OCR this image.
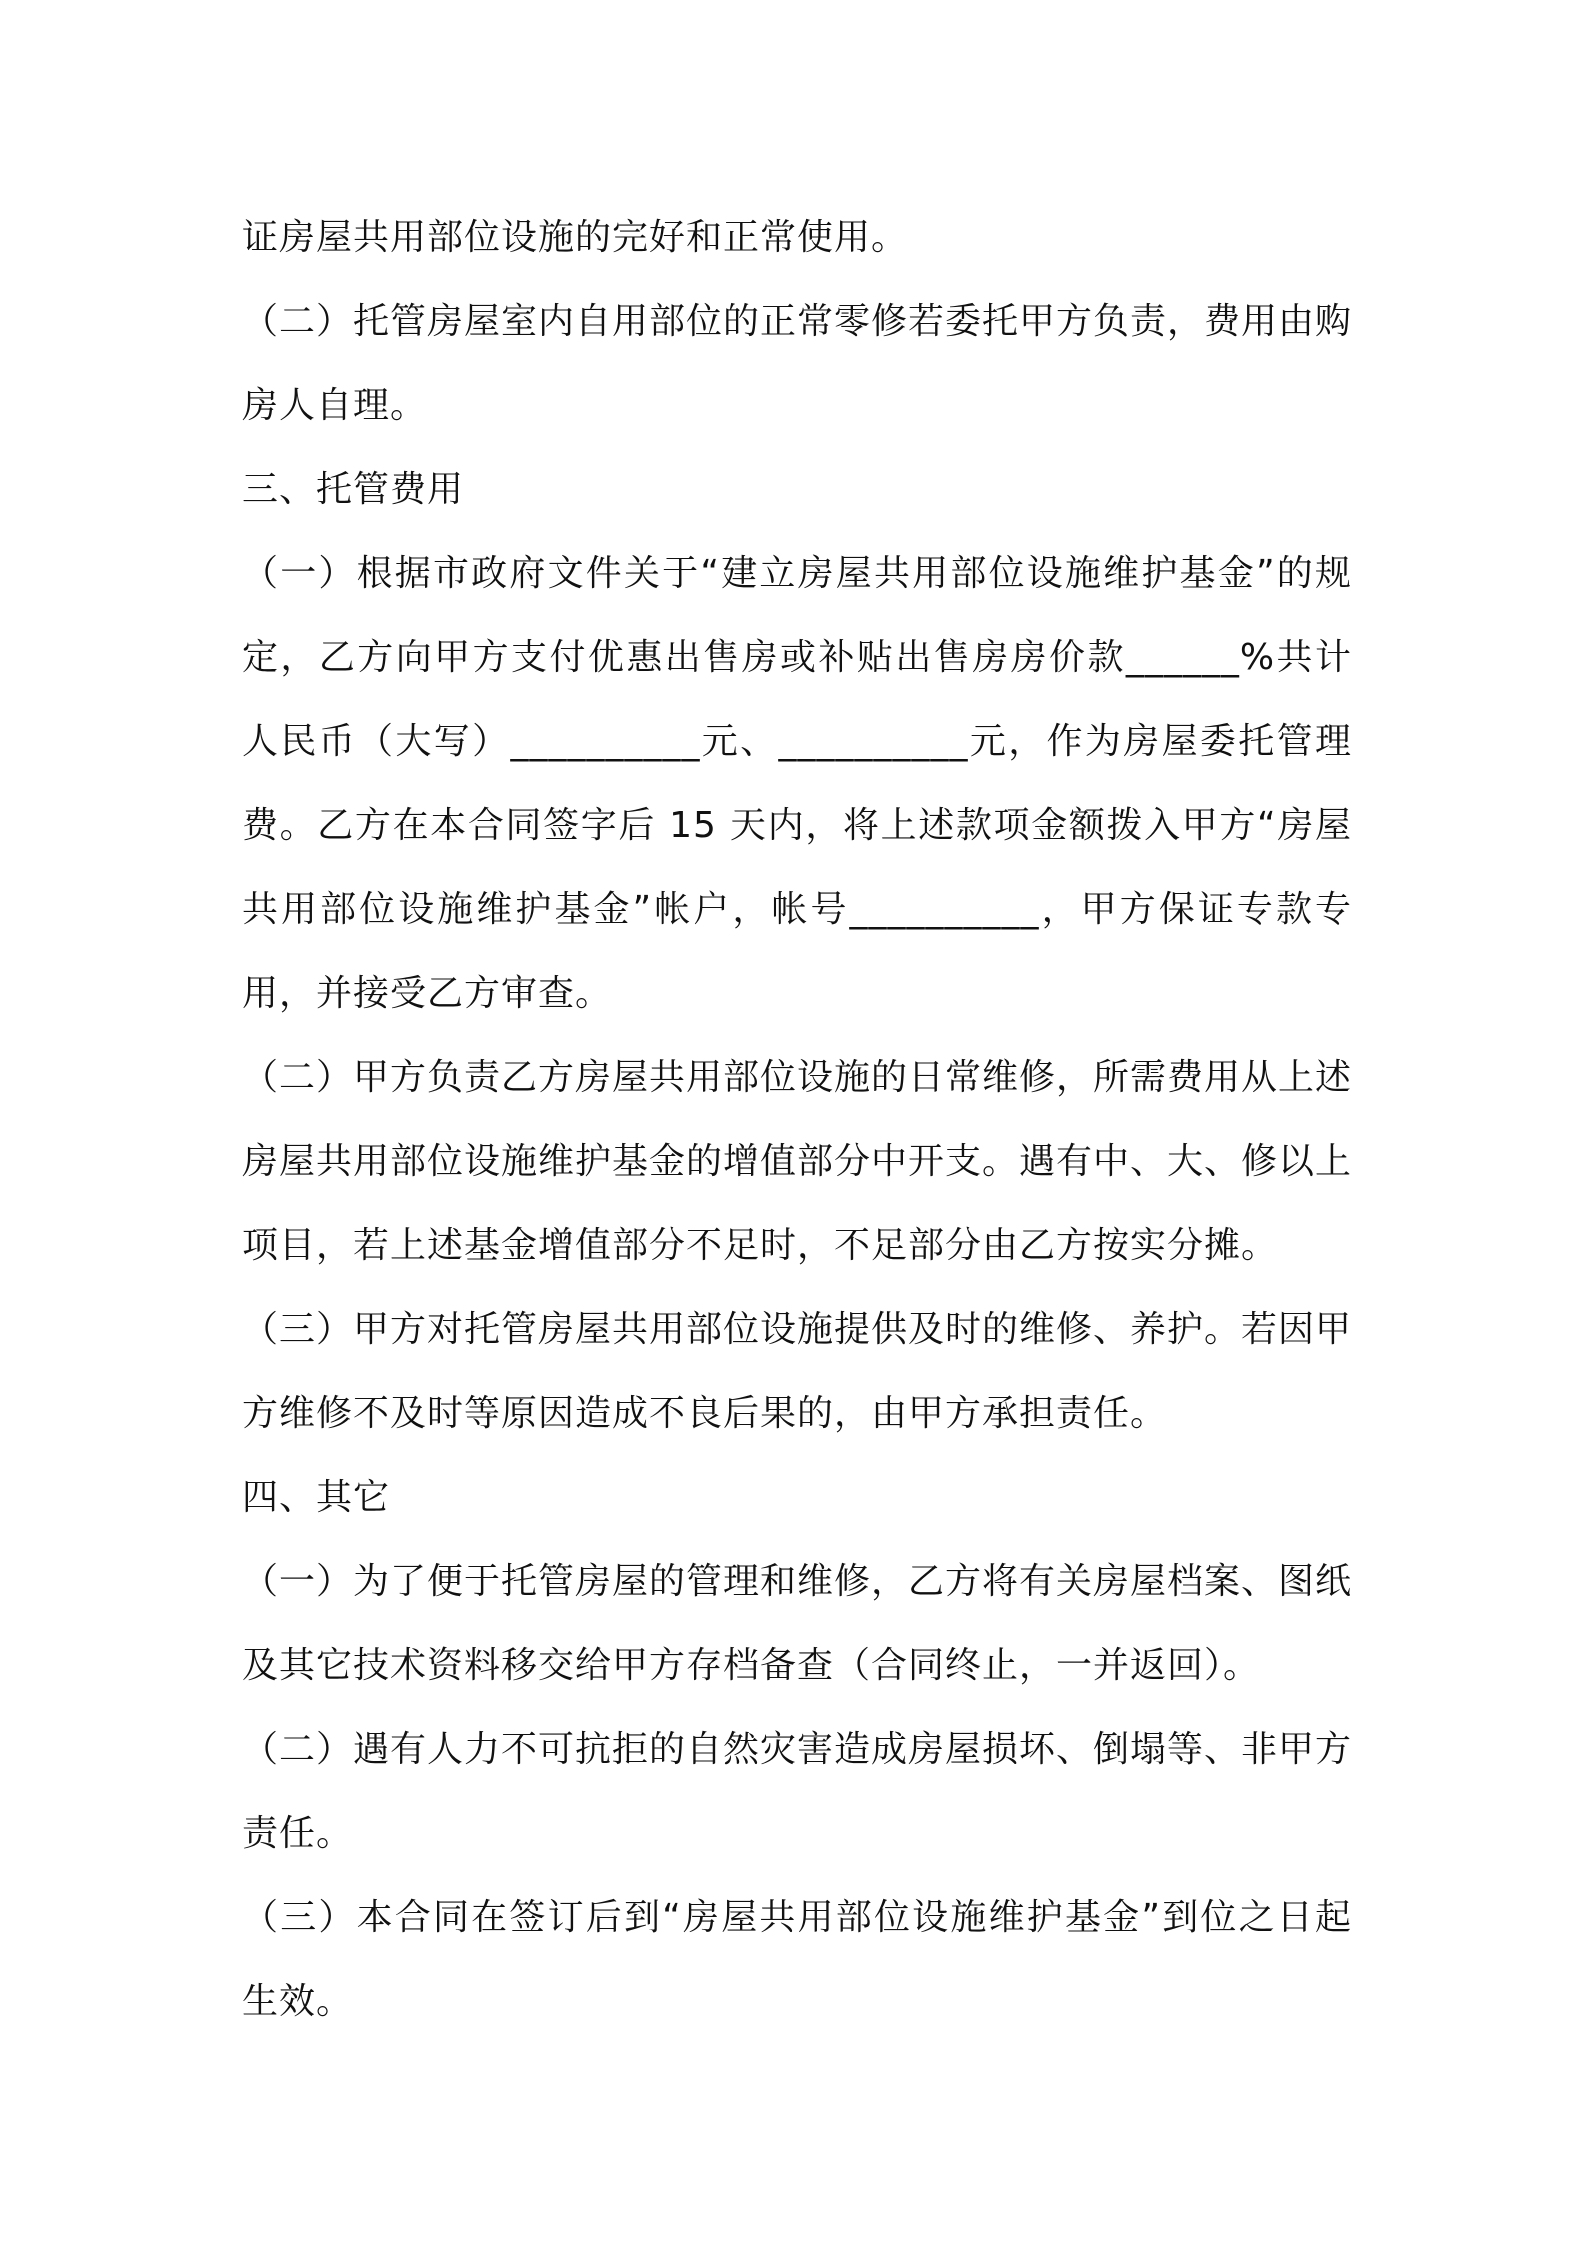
证房屋共用部位设施的完好和正常使用。

（二）托管房屋室内自用部位的正常零修若委托甲方负责，费用由购房人自理。

三、托管费用

（一）根据市政府文件关于“建立房屋共用部位设施维护基金”的规定，乙方向甲方支付优惠出售房或补贴出售房房价款______%共计人民币（大写）__________元、__________元，作为房屋委托管理费。乙方在本合同签字后 15 天内，将上述款项金额拨入甲方“房屋共用部位设施维护基金”帐户，帐号__________，甲方保证专款专用，并接受乙方审查。

（二）甲方负责乙方房屋共用部位设施的日常维修，所需费用从上述房屋共用部位设施维护基金的增值部分中开支。遇有中、大、修以上项目，若上述基金增值部分不足时，不足部分由乙方按实分摊。

（三）甲方对托管房屋共用部位设施提供及时的维修、养护。若因甲方维修不及时等原因造成不良后果的，由甲方承担责任。

四、其它

（一）为了便于托管房屋的管理和维修，乙方将有关房屋档案、图纸及其它技术资料移交给甲方存档备查（合同终止，一并返回）。

（二）遇有人力不可抗拒的自然灾害造成房屋损坏、倒塌等、非甲方责任。

（三）本合同在签订后到“房屋共用部位设施维护基金”到位之日起生效。
